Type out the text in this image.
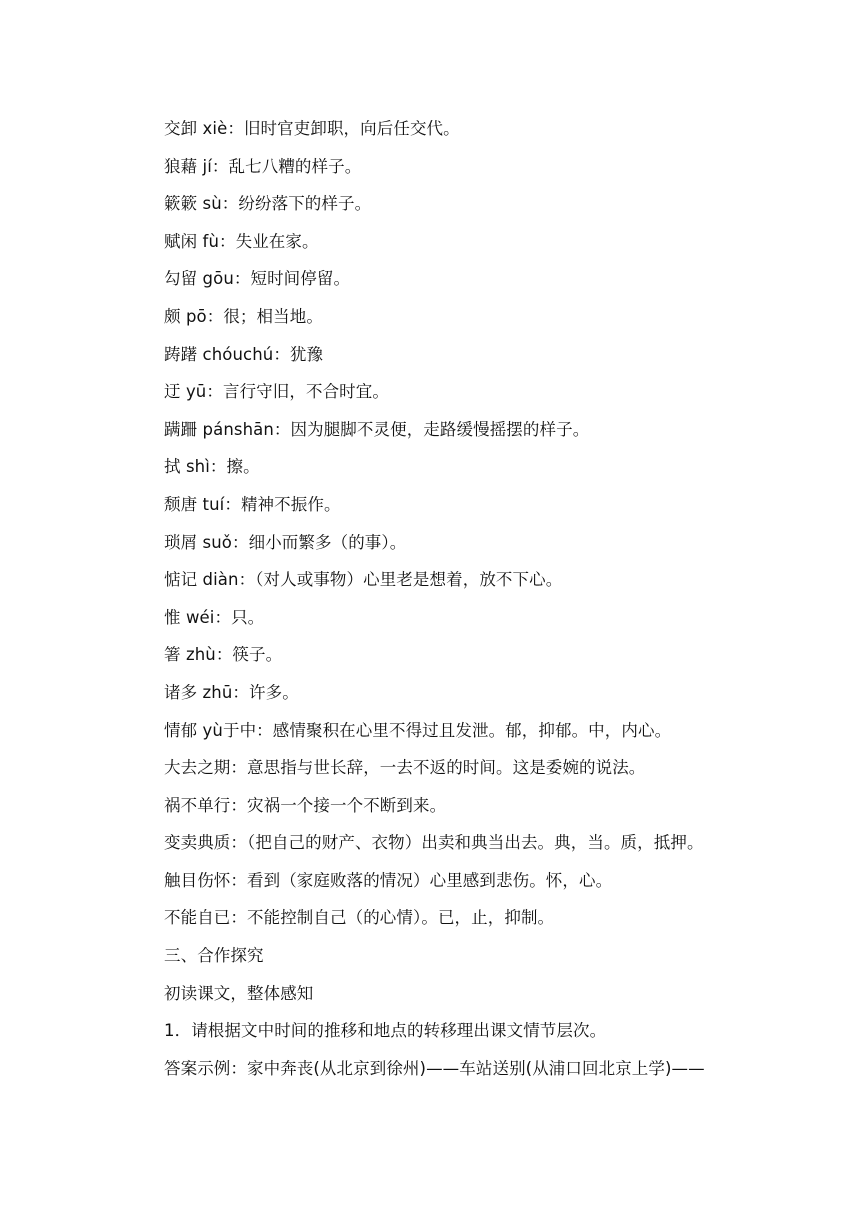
交卸 xiè：旧时官吏卸职，向后任交代。
狼藉 jí：乱七八糟的样子。
簌簌 sù：纷纷落下的样子。
赋闲 fù：失业在家。
勾留 gōu：短时间停留。
颇 pō：很；相当地。
踌躇 chóuchú：犹豫
迂 yū：言行守旧，不合时宜。
蹒跚 pánshān：因为腿脚不灵便，走路缓慢摇摆的样子。
拭 shì：擦。
颓唐 tuí：精神不振作。
琐屑 suǒ：细小而繁多（的事）。
惦记 diàn：（对人或事物）心里老是想着，放不下心。
惟 wéi：只。
箸 zhù：筷子。
诸多 zhū：许多。
情郁 yù于中：感情聚积在心里不得过且发泄。郁，抑郁。中，内心。
大去之期：意思指与世长辞，一去不返的时间。这是委婉的说法。
祸不单行：灾祸一个接一个不断到来。
变卖典质：（把自己的财产、衣物）出卖和典当出去。典，当。质，抵押。
触目伤怀：看到（家庭败落的情况）心里感到悲伤。怀，心。
不能自已：不能控制自己（的心情）。已，止，抑制。
三、合作探究
初读课文，整体感知
1．请根据文中时间的推移和地点的转移理出课文情节层次。
答案示例：家中奔丧(从北京到徐州)——车站送别(从浦口回北京上学)——
